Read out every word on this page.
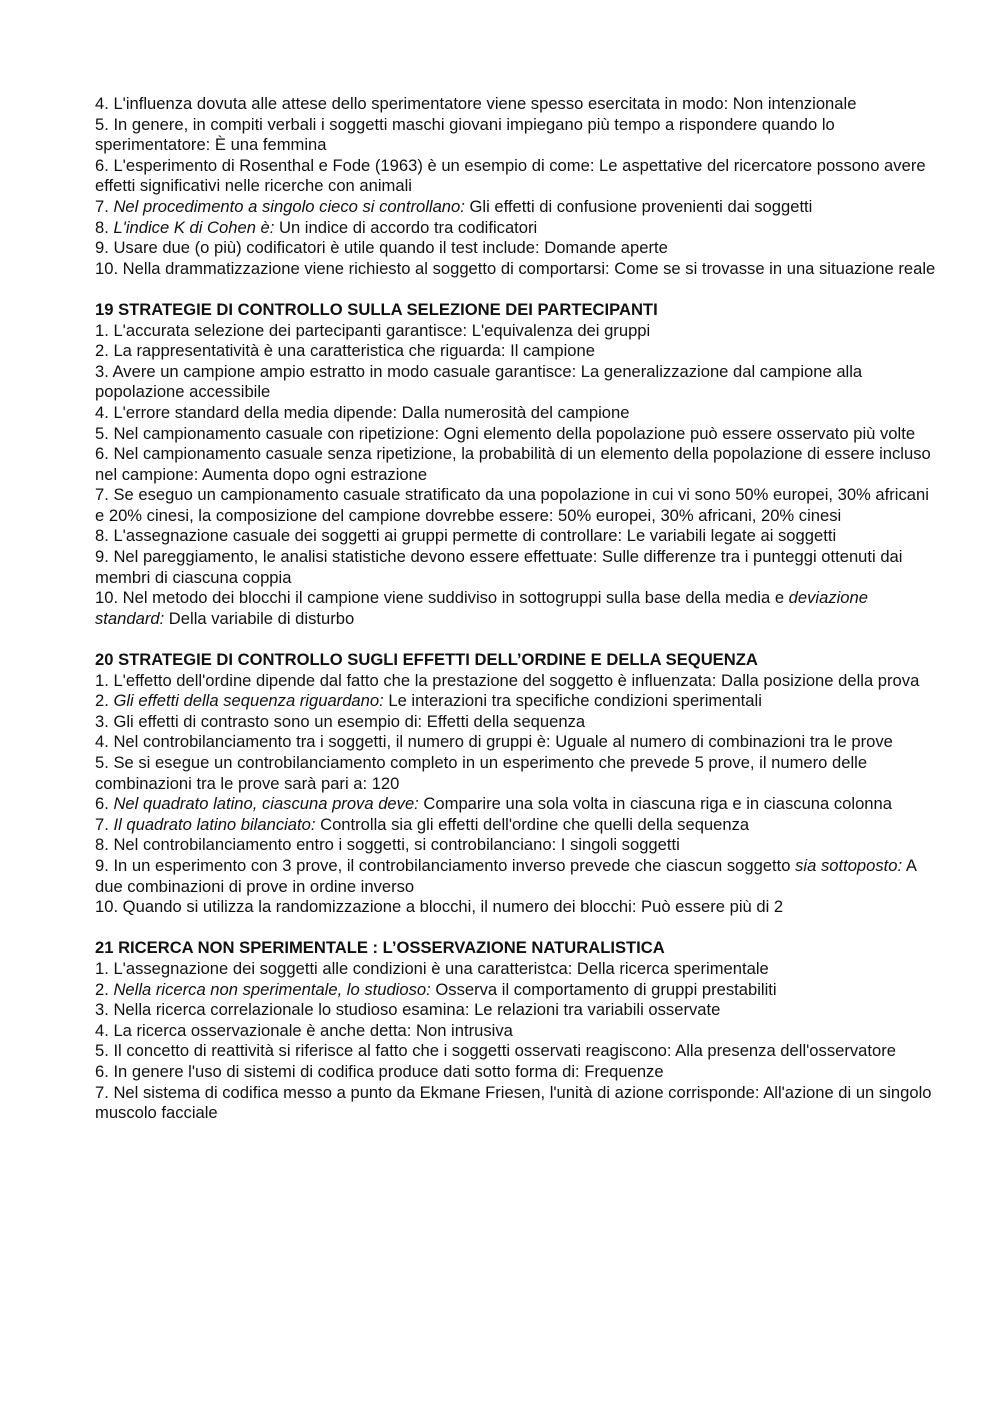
4. L'influenza dovuta alle attese dello sperimentatore viene spesso esercitata in modo: Non intenzionale

5. In genere, in compiti verbali i soggetti maschi giovani impiegano più tempo a rispondere quando lo sperimentatore: È una femmina

6. L'esperimento di Rosenthal e Fode (1963) è un esempio di come: Le aspettative del ricercatore possono avere effetti significativi nelle ricerche con animali

7. Nel procedimento a singolo cieco si controllano: Gli effetti di confusione provenienti dai soggetti

8. L'indice K di Cohen è: Un indice di accordo tra codificatori

9. Usare due (o più) codificatori è utile quando il test include: Domande aperte

10. Nella drammatizzazione viene richiesto al soggetto di comportarsi: Come se si trovasse in una situazione reale

19 STRATEGIE DI CONTROLLO SULLA SELEZIONE DEI PARTECIPANTI

1. L'accurata selezione dei partecipanti garantisce: L'equivalenza dei gruppi

2. La rappresentatività è una caratteristica che riguarda: Il campione

3. Avere un campione ampio estratto in modo casuale garantisce: La generalizzazione dal campione alla popolazione accessibile

4. L'errore standard della media dipende: Dalla numerosità del campione

5. Nel campionamento casuale con ripetizione: Ogni elemento della popolazione può essere osservato più volte

6. Nel campionamento casuale senza ripetizione, la probabilità di un elemento della popolazione di essere incluso nel campione: Aumenta dopo ogni estrazione

7. Se eseguo un campionamento casuale stratificato da una popolazione in cui vi sono 50% europei, 30% africani e 20% cinesi, la composizione del campione dovrebbe essere: 50% europei, 30% africani, 20% cinesi

8. L'assegnazione casuale dei soggetti ai gruppi permette di controllare: Le variabili legate ai soggetti

9. Nel pareggiamento, le analisi statistiche devono essere effettuate: Sulle differenze tra i punteggi ottenuti dai membri di ciascuna coppia

10. Nel metodo dei blocchi il campione viene suddiviso in sottogruppi sulla base della media e deviazione standard: Della variabile di disturbo

20 STRATEGIE DI CONTROLLO SUGLI EFFETTI DELL’ORDINE E DELLA SEQUENZA

1. L'effetto dell'ordine dipende dal fatto che la prestazione del soggetto è influenzata: Dalla posizione della prova

2. Gli effetti della sequenza riguardano: Le interazioni tra specifiche condizioni sperimentali

3. Gli effetti di contrasto sono un esempio di: Effetti della sequenza

4. Nel controbilanciamento tra i soggetti, il numero di gruppi è: Uguale al numero di combinazioni tra le prove

5. Se si esegue un controbilanciamento completo in un esperimento che prevede 5 prove, il numero delle combinazioni tra le prove sarà pari a: 120

6. Nel quadrato latino, ciascuna prova deve: Comparire una sola volta in ciascuna riga e in ciascuna colonna

7. Il quadrato latino bilanciato: Controlla sia gli effetti dell'ordine che quelli della sequenza

8. Nel controbilanciamento entro i soggetti, si controbilanciano: I singoli soggetti

9. In un esperimento con 3 prove, il controbilanciamento inverso prevede che ciascun soggetto sia sottoposto: A due combinazioni di prove in ordine inverso

10. Quando si utilizza la randomizzazione a blocchi, il numero dei blocchi: Può essere più di 2

21 RICERCA NON SPERIMENTALE : L’OSSERVAZIONE NATURALISTICA

1. L'assegnazione dei soggetti alle condizioni è una caratteristca: Della ricerca sperimentale

2. Nella ricerca non sperimentale, lo studioso: Osserva il comportamento di gruppi prestabiliti

3. Nella ricerca correlazionale lo studioso esamina: Le relazioni tra variabili osservate

4. La ricerca osservazionale è anche detta: Non intrusiva

5. Il concetto di reattività si riferisce al fatto che i soggetti osservati reagiscono: Alla presenza dell'osservatore

6. In genere l'uso di sistemi di codifica produce dati sotto forma di: Frequenze

7. Nel sistema di codifica messo a punto da Ekmane Friesen, l'unità di azione corrisponde: All'azione di un singolo muscolo facciale
